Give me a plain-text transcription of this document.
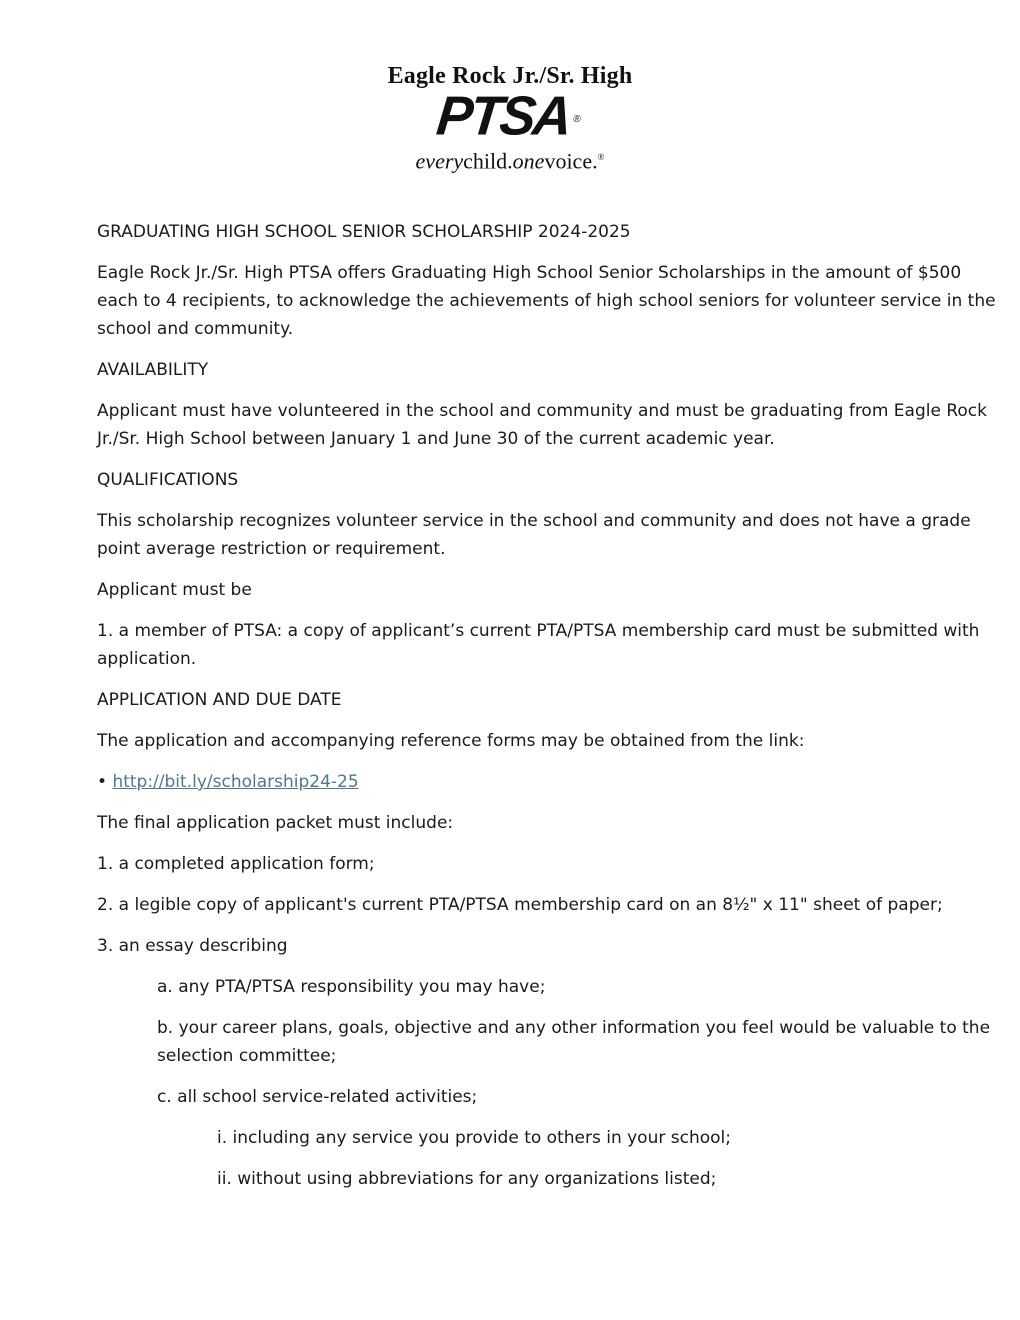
Eagle Rock Jr./Sr. High
PTSA ®
everychild.onevoice.®

GRADUATING HIGH SCHOOL SENIOR SCHOLARSHIP 2024-2025

Eagle Rock Jr./Sr. High PTSA offers Graduating High School Senior Scholarships in the amount of $500 each to 4 recipients, to acknowledge the achievements of high school seniors for volunteer service in the school and community.

AVAILABILITY

Applicant must have volunteered in the school and community and must be graduating from Eagle Rock Jr./Sr. High School between January 1 and June 30 of the current academic year.

QUALIFICATIONS

This scholarship recognizes volunteer service in the school and community and does not have a grade point average restriction or requirement.

Applicant must be

1. a member of PTSA: a copy of applicant’s current PTA/PTSA membership card must be submitted with application.

APPLICATION AND DUE DATE

The application and accompanying reference forms may be obtained from the link:

• http://bit.ly/scholarship24-25

The final application packet must include:

1. a completed application form;

2. a legible copy of applicant's current PTA/PTSA membership card on an 8½" x 11" sheet of paper;

3. an essay describing

a. any PTA/PTSA responsibility you may have;

b. your career plans, goals, objective and any other information you feel would be valuable to the selection committee;

c. all school service-related activities;

i. including any service you provide to others in your school;

ii. without using abbreviations for any organizations listed;
